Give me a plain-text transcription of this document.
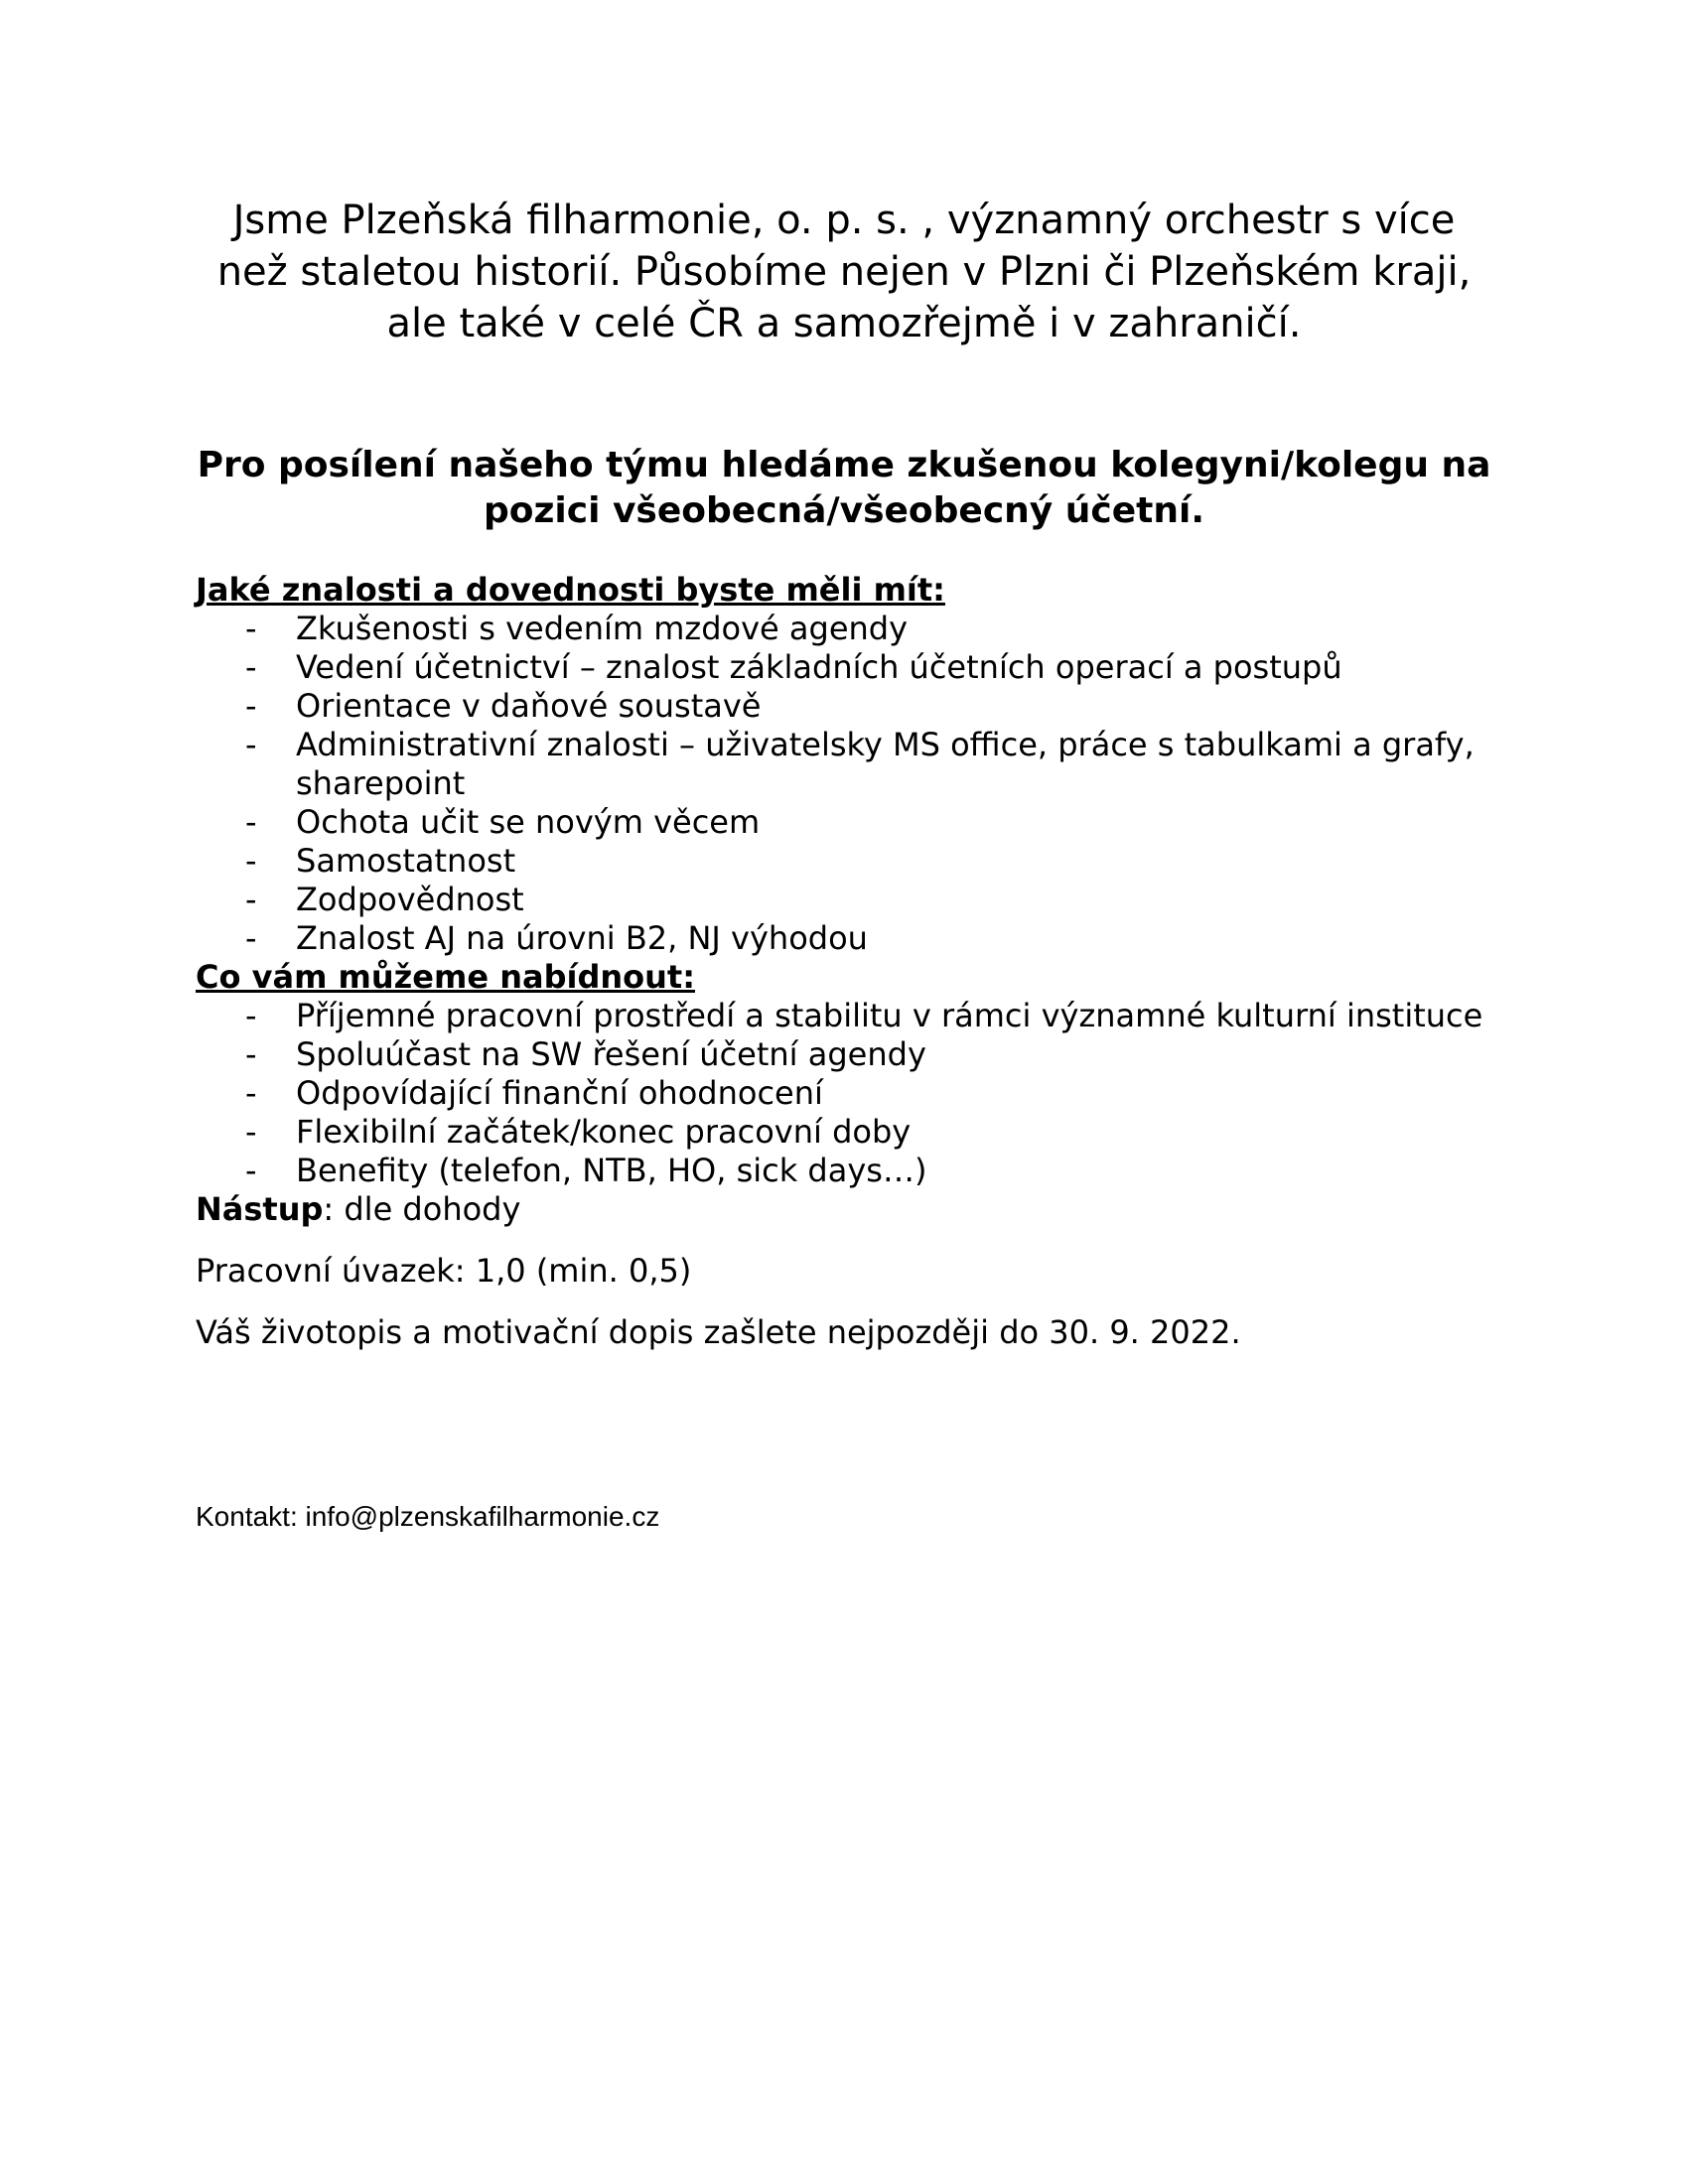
Jsme Plzeňská filharmonie, o. p. s. , významný orchestr s více než staletou historií. Působíme nejen v Plzni či Plzeňském kraji, ale také v celé ČR a samozřejmě i v zahraničí.

Pro posílení našeho týmu hledáme zkušenou kolegyni/kolegu na pozici všeobecná/všeobecný účetní.

Jaké znalosti a dovednosti byste měli mít:

- Zkušenosti s vedením mzdové agendy
- Vedení účetnictví – znalost základních účetních operací a postupů
- Orientace v daňové soustavě
- Administrativní znalosti – uživatelsky MS office, práce s tabulkami a grafy, sharepoint
- Ochota učit se novým věcem
- Samostatnost
- Zodpovědnost
- Znalost AJ na úrovni B2, NJ výhodou

Co vám můžeme nabídnout:

- Příjemné pracovní prostředí a stabilitu v rámci významné kulturní instituce
- Spoluúčast na SW řešení účetní agendy
- Odpovídající finanční ohodnocení
- Flexibilní začátek/konec pracovní doby
- Benefity (telefon, NTB, HO, sick days…)

Nástup: dle dohody

Pracovní úvazek: 1,0 (min. 0,5)

Váš životopis a motivační dopis zašlete nejpozději do 30. 9. 2022.

Kontakt: info@plzenskafilharmonie.cz
